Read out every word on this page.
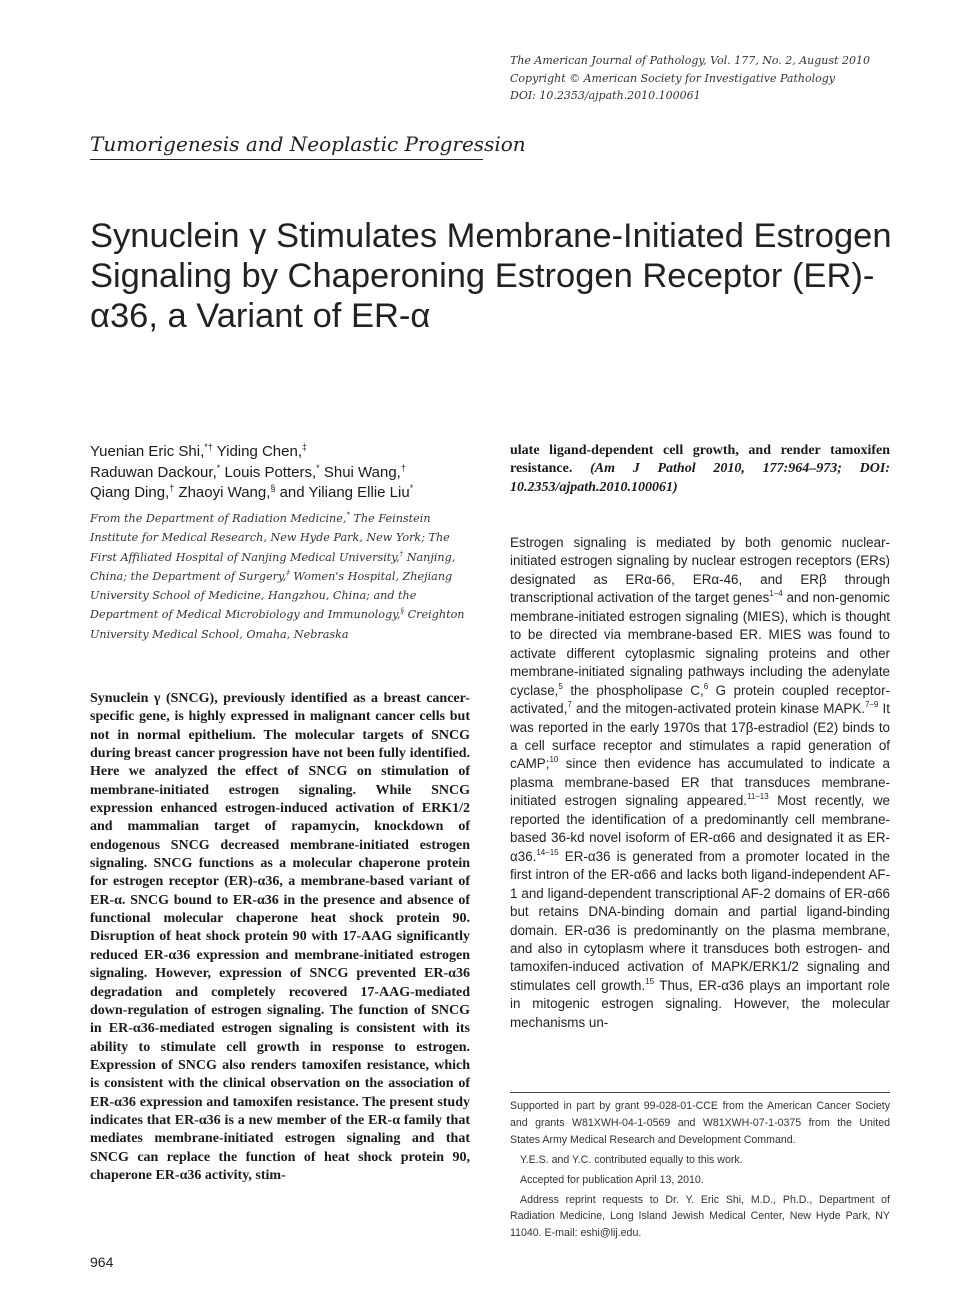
The American Journal of Pathology, Vol. 177, No. 2, August 2010
Copyright © American Society for Investigative Pathology
DOI: 10.2353/ajpath.2010.100061
Tumorigenesis and Neoplastic Progression
Synuclein γ Stimulates Membrane-Initiated Estrogen Signaling by Chaperoning Estrogen Receptor (ER)-α36, a Variant of ER-α
Yuenian Eric Shi,*† Yiding Chen,‡
Raduwan Dackour,* Louis Potters,* Shui Wang,†
Qiang Ding,† Zhaoyi Wang,§ and Yiliang Ellie Liu*
From the Department of Radiation Medicine,* The Feinstein Institute for Medical Research, New Hyde Park, New York; The First Affiliated Hospital of Nanjing Medical University,† Nanjing, China; the Department of Surgery,‡ Women's Hospital, Zhejiang University School of Medicine, Hangzhou, China; and the Department of Medical Microbiology and Immunology,§ Creighton University Medical School, Omaha, Nebraska
Synuclein γ (SNCG), previously identified as a breast cancer-specific gene, is highly expressed in malignant cancer cells but not in normal epithelium. The molecular targets of SNCG during breast cancer progression have not been fully identified. Here we analyzed the effect of SNCG on stimulation of membrane-initiated estrogen signaling. While SNCG expression enhanced estrogen-induced activation of ERK1/2 and mammalian target of rapamycin, knockdown of endogenous SNCG decreased membrane-initiated estrogen signaling. SNCG functions as a molecular chaperone protein for estrogen receptor (ER)-α36, a membrane-based variant of ER-α. SNCG bound to ER-α36 in the presence and absence of functional molecular chaperone heat shock protein 90. Disruption of heat shock protein 90 with 17-AAG significantly reduced ER-α36 expression and membrane-initiated estrogen signaling. However, expression of SNCG prevented ER-α36 degradation and completely recovered 17-AAG-mediated down-regulation of estrogen signaling. The function of SNCG in ER-α36-mediated estrogen signaling is consistent with its ability to stimulate cell growth in response to estrogen. Expression of SNCG also renders tamoxifen resistance, which is consistent with the clinical observation on the association of ER-α36 expression and tamoxifen resistance. The present study indicates that ER-α36 is a new member of the ER-α family that mediates membrane-initiated estrogen signaling and that SNCG can replace the function of heat shock protein 90, chaperone ER-α36 activity, stim-
ulate ligand-dependent cell growth, and render tamoxifen resistance. (Am J Pathol 2010, 177:964–973; DOI: 10.2353/ajpath.2010.100061)
Estrogen signaling is mediated by both genomic nuclear-initiated estrogen signaling by nuclear estrogen receptors (ERs) designated as ERα-66, ERα-46, and ERβ through transcriptional activation of the target genes$^{1-4}$ and non-genomic membrane-initiated estrogen signaling (MIES), which is thought to be directed via membrane-based ER. MIES was found to activate different cytoplasmic signaling proteins and other membrane-initiated signaling pathways including the adenylate cyclase,$^5$ the phospholipase C,$^6$ G protein coupled receptor-activated,$^7$ and the mitogen-activated protein kinase MAPK.$^{7-9}$ It was reported in the early 1970s that 17β-estradiol (E2) binds to a cell surface receptor and stimulates a rapid generation of cAMP;$^{10}$ since then evidence has accumulated to indicate a plasma membrane-based ER that transduces membrane-initiated estrogen signaling appeared.$^{11-13}$ Most recently, we reported the identification of a predominantly cell membrane-based 36-kd novel isoform of ER-α66 and designated it as ER-α36.$^{14-15}$ ER-α36 is generated from a promoter located in the first intron of the ER-α66 and lacks both ligand-independent AF-1 and ligand-dependent transcriptional AF-2 domains of ER-α66 but retains DNA-binding domain and partial ligand-binding domain. ER-α36 is predominantly on the plasma membrane, and also in cytoplasm where it transduces both estrogen- and tamoxifen-induced activation of MAPK/ERK1/2 signaling and stimulates cell growth.$^{15}$ Thus, ER-α36 plays an important role in mitogenic estrogen signaling. However, the molecular mechanisms un-

Supported in part by grant 99-028-01-CCE from the American Cancer Society and grants W81XWH-04-1-0569 and W81XWH-07-1-0375 from the United States Army Medical Research and Development Command.

Y.E.S. and Y.C. contributed equally to this work.

Accepted for publication April 13, 2010.

Address reprint requests to Dr. Y. Eric Shi, M.D., Ph.D., Department of Radiation Medicine, Long Island Jewish Medical Center, New Hyde Park, NY 11040. E-mail: eshi@lij.edu.

964
